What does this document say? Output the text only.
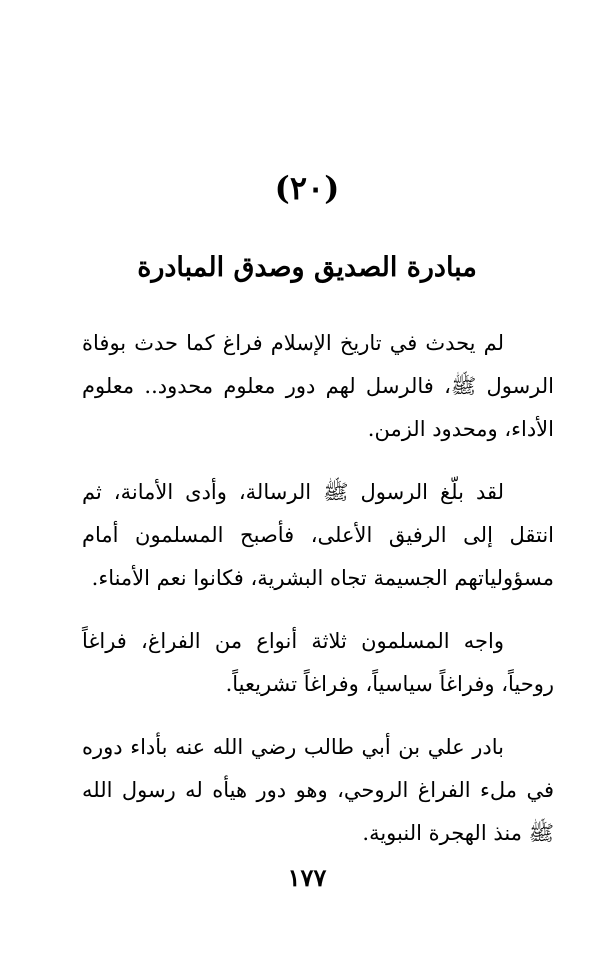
(٢٠)
مبادرة الصديق وصدق المبادرة

لم يحدث في تاريخ الإسلام فراغ كما حدث بوفاة الرسول ﷺ، فالرسل لهم دور معلوم محدود.. معلوم الأداء، ومحدود الزمن.

لقد بلّغ الرسول ﷺ الرسالة، وأدى الأمانة، ثم انتقل إلى الرفيق الأعلى، فأصبح المسلمون أمام مسؤولياتهم الجسيمة تجاه البشرية، فكانوا نعم الأمناء.

واجه المسلمون ثلاثة أنواع من الفراغ، فراغاً روحياً، وفراغاً سياسياً، وفراغاً تشريعياً.

بادر علي بن أبي طالب رضي الله عنه بأداء دوره في ملء الفراغ الروحي، وهو دور هيأه له رسول الله ﷺ منذ الهجرة النبوية.

١٧٧
